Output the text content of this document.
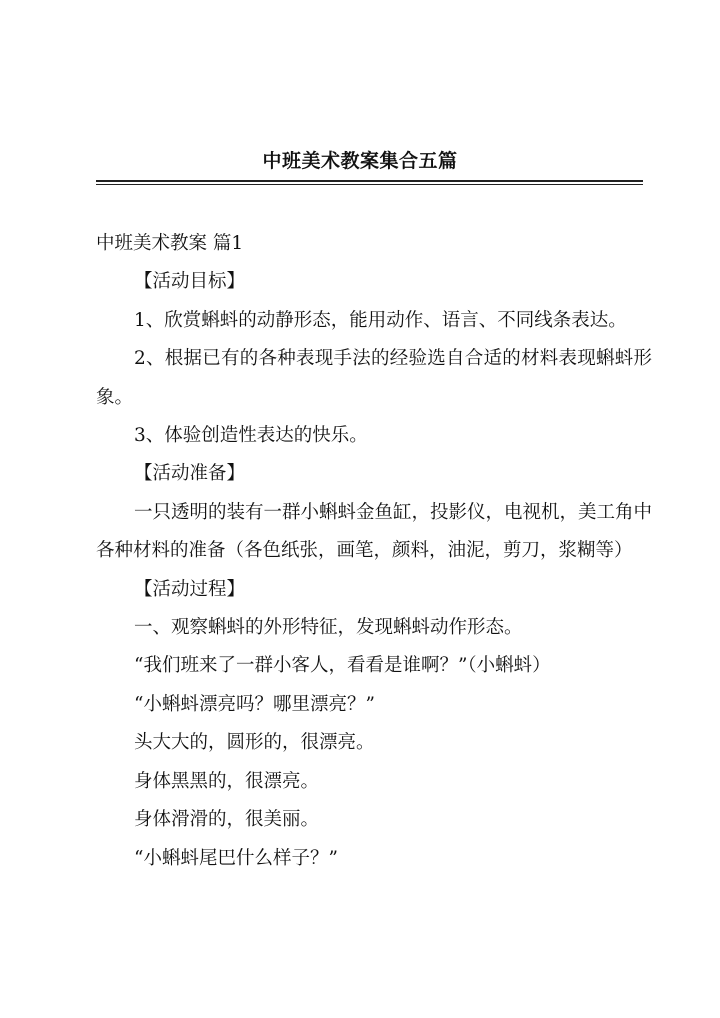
中班美术教案集合五篇

中班美术教案 篇1

【活动目标】

1、欣赏蝌蚪的动静形态，能用动作、语言、不同线条表达。

2、根据已有的各种表现手法的经验选自合适的材料表现蝌蚪形象。

3、体验创造性表达的快乐。

【活动准备】

一只透明的装有一群小蝌蚪金鱼缸，投影仪，电视机，美工角中各种材料的准备（各色纸张，画笔，颜料，油泥，剪刀，浆糊等）

【活动过程】

一、观察蝌蚪的外形特征，发现蝌蚪动作形态。

“我们班来了一群小客人，看看是谁啊？”（小蝌蚪）

“小蝌蚪漂亮吗？哪里漂亮？”

头大大的，圆形的，很漂亮。

身体黑黑的，很漂亮。

身体滑滑的，很美丽。

“小蝌蚪尾巴什么样子？”
